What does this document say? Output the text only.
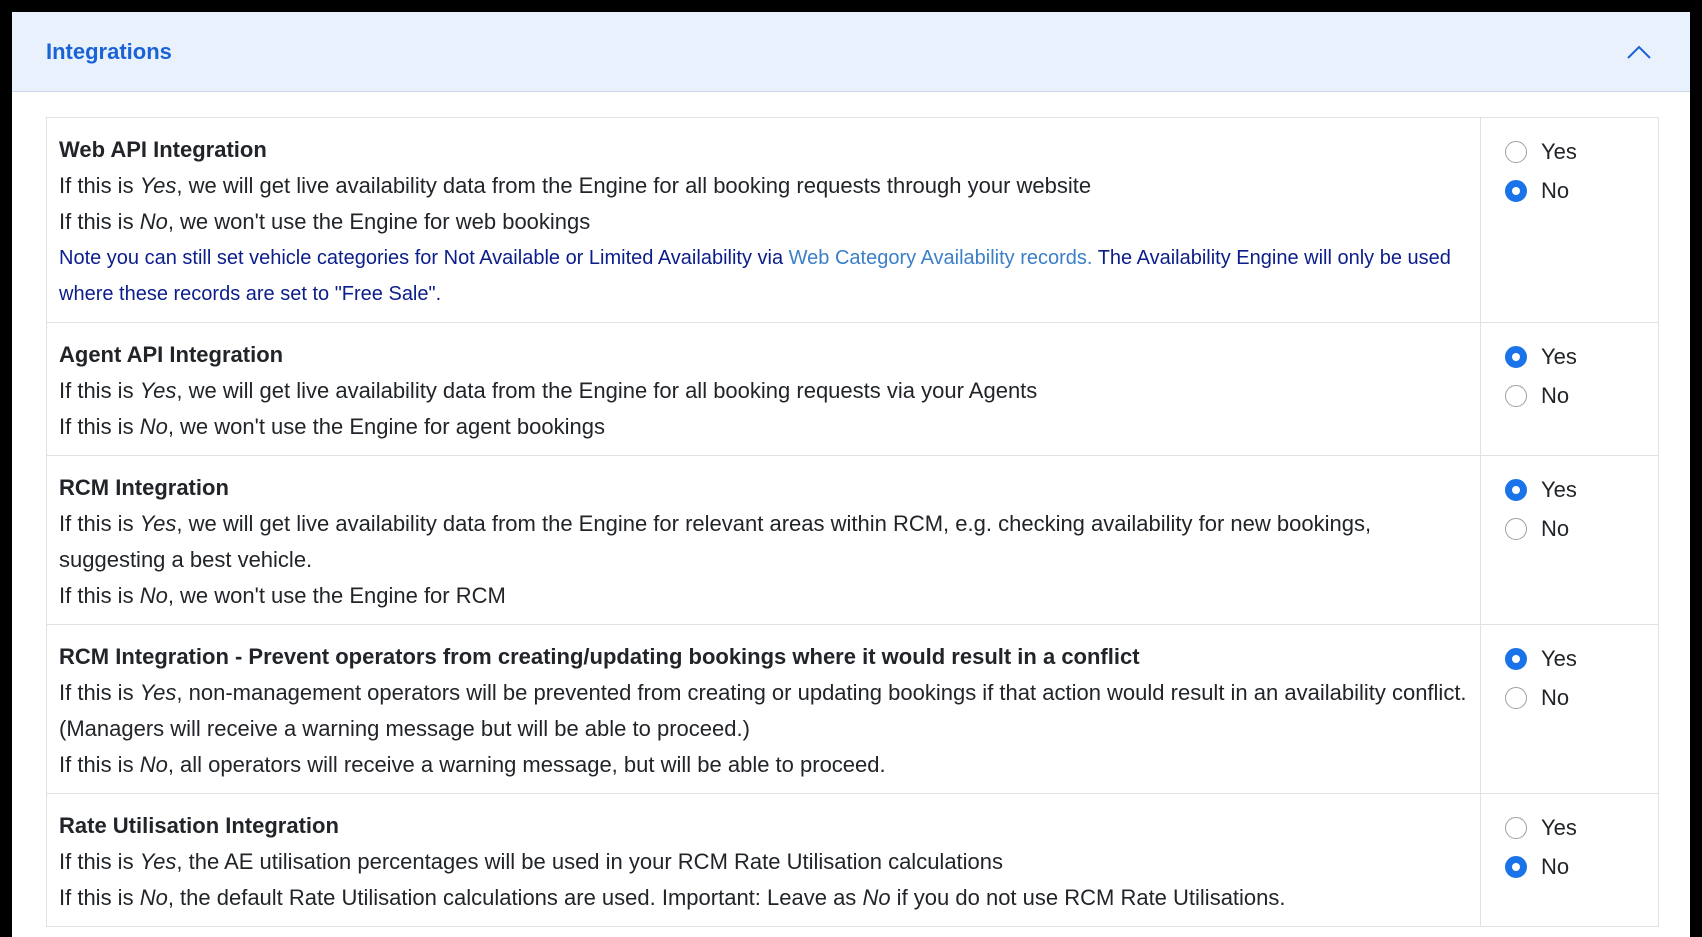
Integrations
Web API Integration
If this is Yes, we will get live availability data from the Engine for all booking requests through your website
If this is No, we won't use the Engine for web bookings
Note you can still set vehicle categories for Not Available or Limited Availability via Web Category Availability records. The Availability Engine will only be used where these records are set to "Free Sale".
Yes
No
Agent API Integration
If this is Yes, we will get live availability data from the Engine for all booking requests via your Agents
If this is No, we won't use the Engine for agent bookings
Yes
No
RCM Integration
If this is Yes, we will get live availability data from the Engine for relevant areas within RCM, e.g. checking availability for new bookings, suggesting a best vehicle.
If this is No, we won't use the Engine for RCM
Yes
No
RCM Integration - Prevent operators from creating/updating bookings where it would result in a conflict
If this is Yes, non-management operators will be prevented from creating or updating bookings if that action would result in an availability conflict. (Managers will receive a warning message but will be able to proceed.)
If this is No, all operators will receive a warning message, but will be able to proceed.
Yes
No
Rate Utilisation Integration
If this is Yes, the AE utilisation percentages will be used in your RCM Rate Utilisation calculations
If this is No, the default Rate Utilisation calculations are used. Important: Leave as No if you do not use RCM Rate Utilisations.
Yes
No
